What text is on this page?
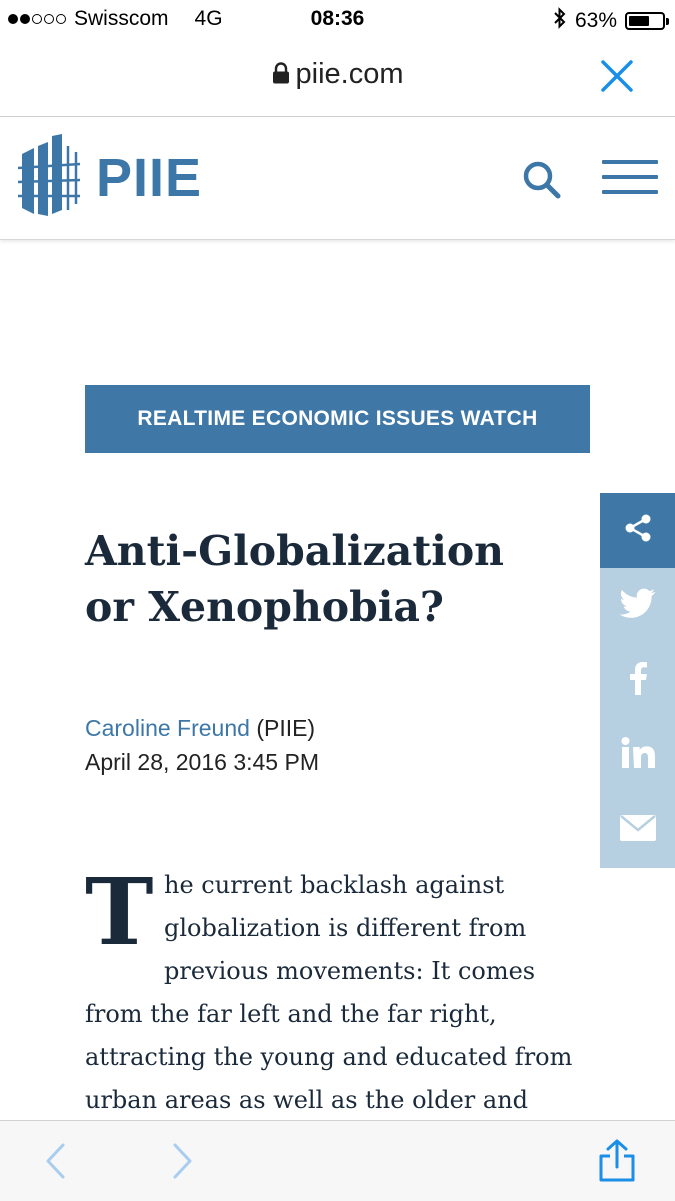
Swisscom 4G	08:36	63%
piie.com
PIIE
REALTIME ECONOMIC ISSUES WATCH
Anti-Globalization
or Xenophobia?
Caroline Freund (PIIE)
April 28, 2016 3:45 PM
T he current backlash against
globalization is different from
previous movements: It comes
from the far left and the far right,
attracting the young and educated from
urban areas as well as the older and
